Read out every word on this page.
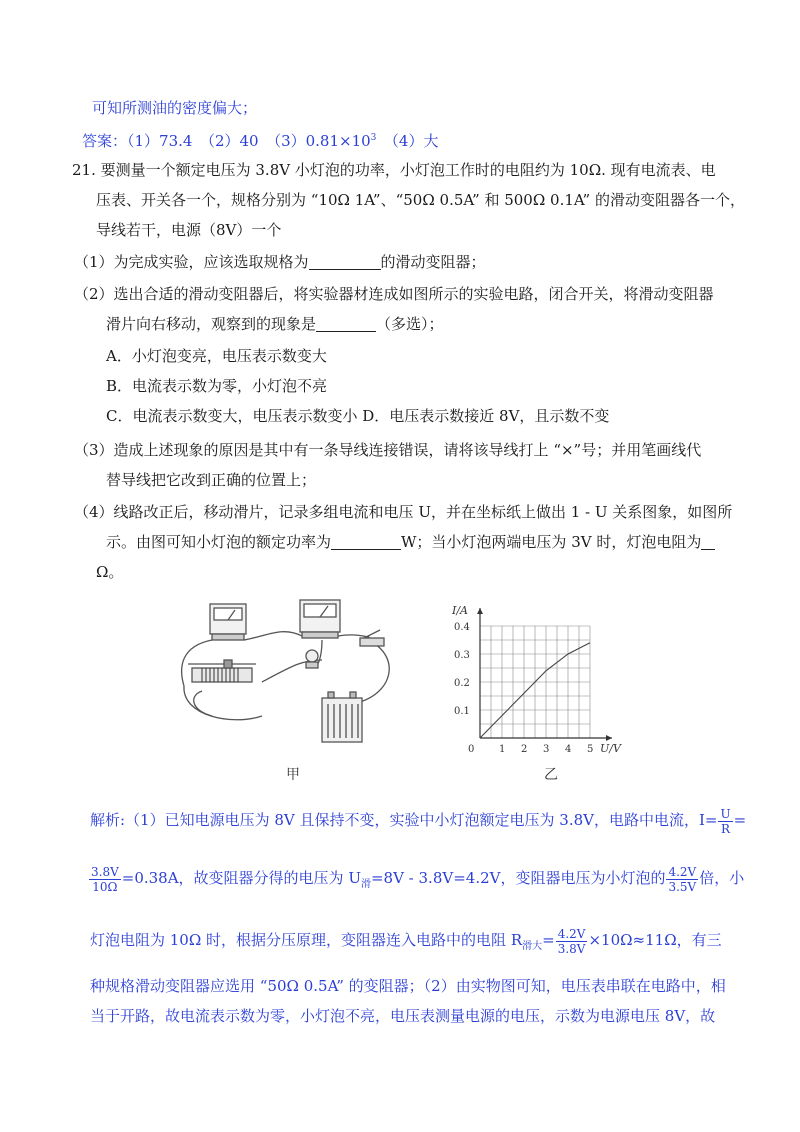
可知所测油的密度偏大；
答案：（1）73.4　（2）40　$(3)0.81\times 10^3$　（4）大
21. 要测量一个额定电压为 3.8V 小灯泡的功率，小灯泡工作时的电阻约为 10Ω. 现有电流表、电
压表、开关各一个，规格分别为 “10Ω 1A”、“50Ω 0.5A” 和 500Ω 0.1A” 的滑动变阻器各一个，
导线若干，电源（8V）一个
（1）为完成实验，应该选取规格为	的滑动变阻器；
（2）选出合适的滑动变阻器后，将实验器材连成如图所示的实验电路，闭合开关，将滑动变阻器
滑片向右移动，观察到的现象是	（多选）；
A．小灯泡变亮，电压表示数变大
B．电流表示数为零，小灯泡不亮
C．电流表示数变大，电压表示数变小 D．电压表示数接近 8V，且示数不变
（3）造成上述现象的原因是其中有一条导线连接错误，请将该导线打上 “×”号；并用笔画线代
替导线把它改到正确的位置上；
（4）线路改正后，移动滑片，记录多组电流和电压 U，并在坐标纸上做出 1 - U 关系图象，如图所
示。由图可知小灯泡的额定功率为	W；当小灯泡两端电压为 3V 时，灯泡电阻为
Ω。
甲
I/A
U/V
0.4
0.3
0.2
0.1
0 1 2 3 4 5
乙
解析:（1）已知电源电压为 8V 且保持不变，实验中小灯泡额定电压为 3.8V，电路中电流，$I= \frac{U}{R}$ =
$\frac{3.8V}{10\Omega} =0.38A$，故变阻器分得的电压为 $U_滑=8V - 3.8V=4.2V$，变阻器电压为小灯泡的 $\frac{4.2V}{3.5V}$ 倍，小
灯泡电阻为 10Ω 时，根据分压原理，变阻器连入电路中的电阻 $R_{滑大}= \frac{4.2V}{3.8V} \times 10\Omega\approx 11\Omega$，有三
种规格滑动变阻器应选用 “50Ω 0.5A” 的变阻器；（2）由实物图可知，电压表串联在电路中，相
当于开路，故电流表示数为零，小灯泡不亮，电压表测量电源的电压，示数为电源电压 8V，故
